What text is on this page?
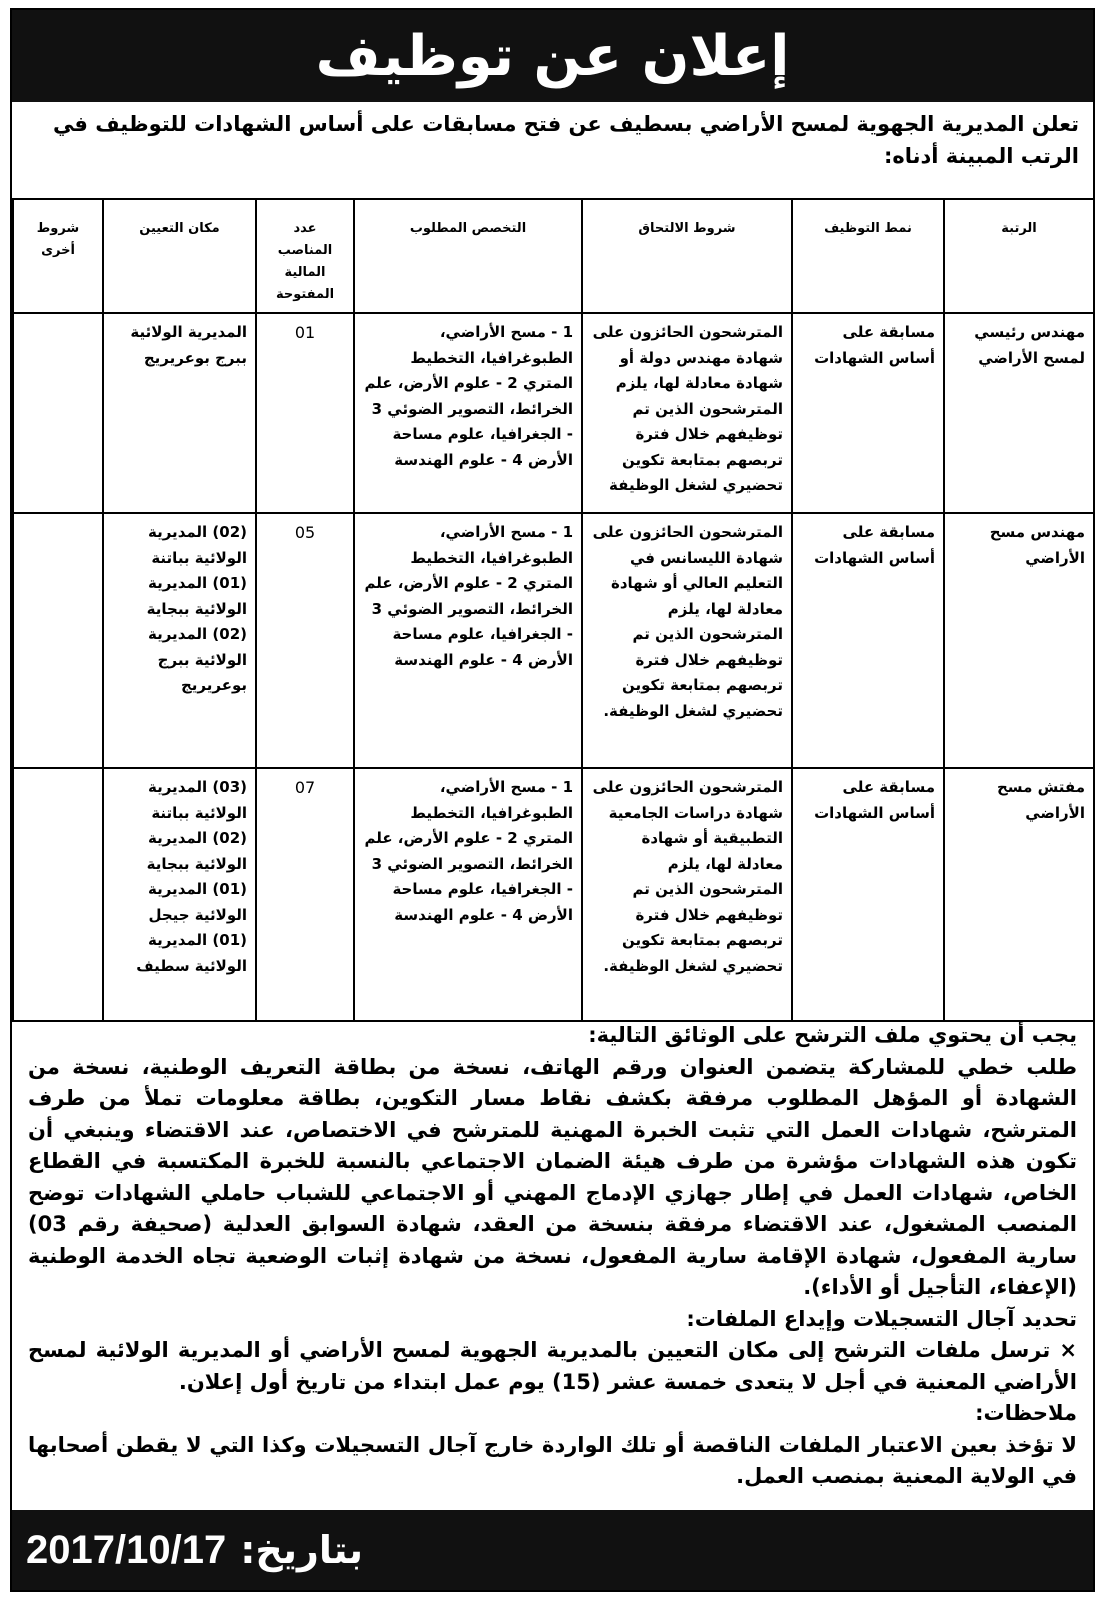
إعلان عن توظيف
تعلن المديرية الجهوية لمسح الأراضي بسطيف عن فتح مسابقات على أساس الشهادات للتوظيف في الرتب المبينة أدناه:
الرتبة	نمط التوظيف	شروط الالتحاق	التخصص المطلوب	عدد المناصب المالية المفتوحة	مكان التعيين	شروط أخرى
مهندس رئيسي لمسح الأراضي	مسابقة على أساس الشهادات	المترشحون الحائزون على شهادة مهندس دولة أو شهادة معادلة لها، يلزم المترشحون الذين تم توظيفهم خلال فترة تربصهم بمتابعة تكوين تحضيري لشغل الوظيفة	1 - مسح الأراضي، الطبوغرافيا، التخطيط المتري 2 - علوم الأرض، علم الخرائط، التصوير الضوئي 3 - الجغرافيا، علوم مساحة الأرض 4 - علوم الهندسة	01	المديرية الولائية ببرج بوعريريج	
مهندس مسح الأراضي	مسابقة على أساس الشهادات	المترشحون الحائزون على شهادة الليسانس في التعليم العالي أو شهادة معادلة لها، يلزم المترشحون الذين تم توظيفهم خلال فترة تربصهم بمتابعة تكوين تحضيري لشغل الوظيفة.	1 - مسح الأراضي، الطبوغرافيا، التخطيط المتري 2 - علوم الأرض، علم الخرائط، التصوير الضوئي 3 - الجغرافيا، علوم مساحة الأرض 4 - علوم الهندسة	05	(02) المديرية الولائية بباتنة (01) المديرية الولائية ببجاية (02) المديرية الولائية ببرج بوعريريج	
مفتش مسح الأراضي	مسابقة على أساس الشهادات	المترشحون الحائزون على شهادة دراسات الجامعية التطبيقية أو شهادة معادلة لها، يلزم المترشحون الذين تم توظيفهم خلال فترة تربصهم بمتابعة تكوين تحضيري لشغل الوظيفة.	1 - مسح الأراضي، الطبوغرافيا، التخطيط المتري 2 - علوم الأرض، علم الخرائط، التصوير الضوئي 3 - الجغرافيا، علوم مساحة الأرض 4 - علوم الهندسة	07	(03) المديرية الولائية بباتنة (02) المديرية الولائية ببجاية (01) المديرية الولائية جيجل (01) المديرية الولائية سطيف	

يجب أن يحتوي ملف الترشح على الوثائق التالية:

طلب خطي للمشاركة يتضمن العنوان ورقم الهاتف، نسخة من بطاقة التعريف الوطنية، نسخة من الشهادة أو المؤهل المطلوب مرفقة بكشف نقاط مسار التكوين، بطاقة معلومات تملأ من طرف المترشح، شهادات العمل التي تثبت الخبرة المهنية للمترشح في الاختصاص، عند الاقتضاء وينبغي أن تكون هذه الشهادات مؤشرة من طرف هيئة الضمان الاجتماعي بالنسبة للخبرة المكتسبة في القطاع الخاص، شهادات العمل في إطار جهازي الإدماج المهني أو الاجتماعي للشباب حاملي الشهادات توضح المنصب المشغول، عند الاقتضاء مرفقة بنسخة من العقد، شهادة السوابق العدلية (صحيفة رقم 03) سارية المفعول، شهادة الإقامة سارية المفعول، نسخة من شهادة إثبات الوضعية تجاه الخدمة الوطنية (الإعفاء، التأجيل أو الأداء).

تحديد آجال التسجيلات وإيداع الملفات:

× ترسل ملفات الترشح إلى مكان التعيين بالمديرية الجهوية لمسح الأراضي أو المديرية الولائية لمسح الأراضي المعنية في أجل لا يتعدى خمسة عشر (15) يوم عمل ابتداء من تاريخ أول إعلان.

ملاحظات:

لا تؤخذ بعين الاعتبار الملفات الناقصة أو تلك الواردة خارج آجال التسجيلات وكذا التي لا يقطن أصحابها في الولاية المعنية بمنصب العمل.

بتاريخ:
2017/10/17
